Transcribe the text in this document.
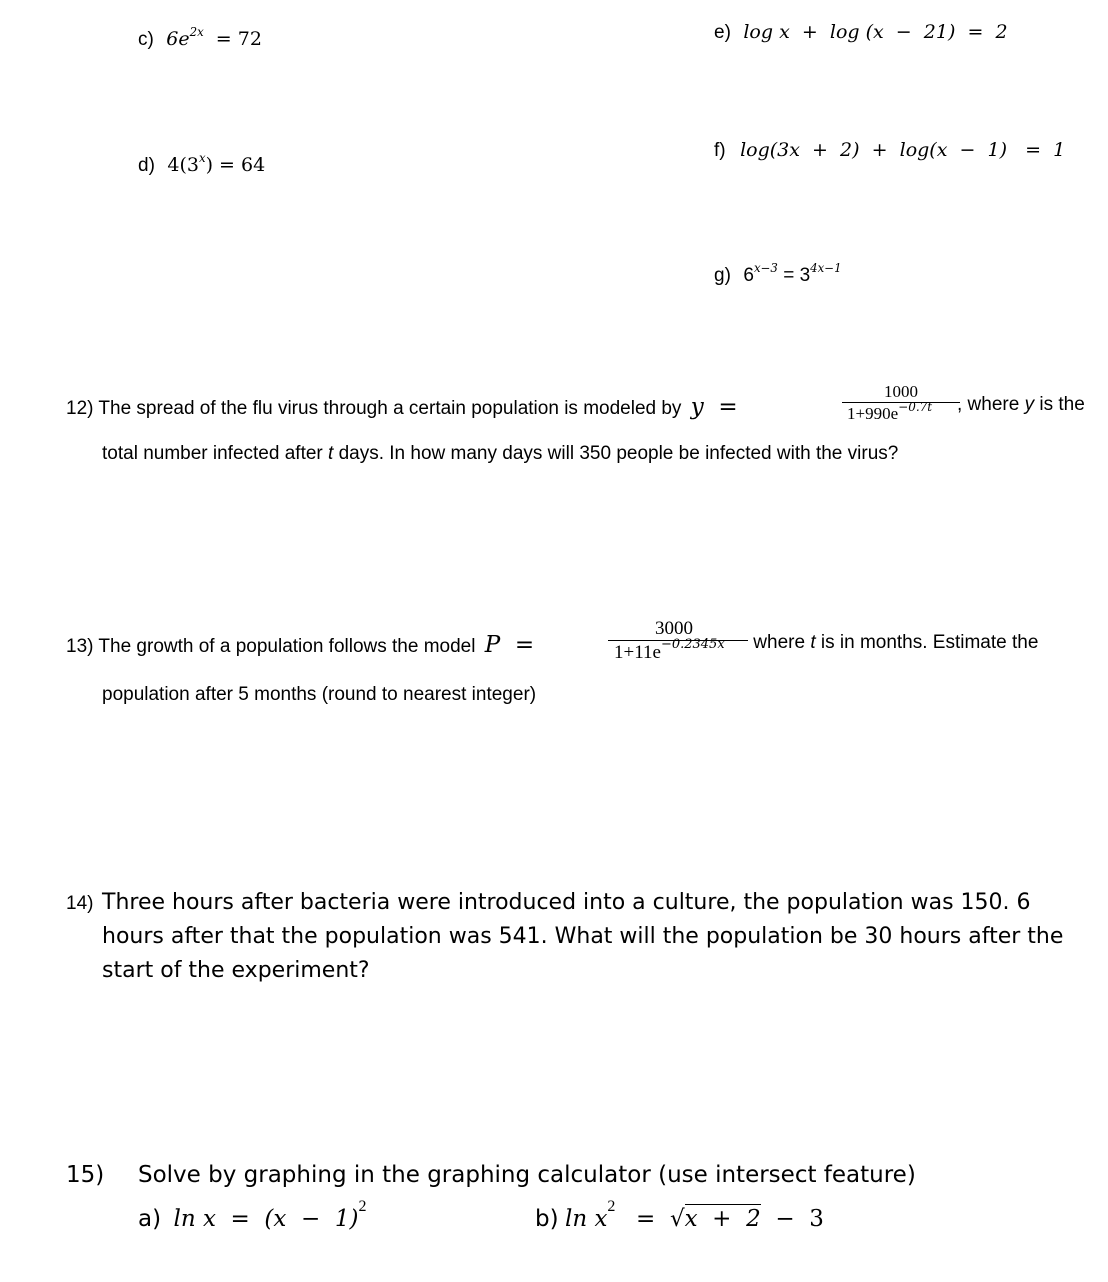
c) $6e^{2x} = 72$
d) $4(3^x) = 64$
e) log x  +  log (x  −  21)  =  2
f) log(3x  +  2)  +  log(x  −  1)   =  1
g) $6^{x-3} = 3^{4x-1}$
12) The spread of the flu virus through a certain population is modeled by y  =
1000
$1+990e^{-0.7t}$	, where y is the
total number infected after t days. In how many days will 350 people be infected with the virus?
13) The growth of a population follows the model P  =
3000
$1+11e^{-0.2345x}$	where t is in months. Estimate the
population after 5 months (round to nearest integer)
14) Three hours after bacteria were introduced into a culture, the population was 150. 6
hours after that the population was 541. What will the population be 30 hours after the
start of the experiment?
15) Solve by graphing in the graphing calculator (use intersect feature)
a) $\ln x = (x - 1)^2$	b) $\ln x^2 = √x + 2 - 3$
